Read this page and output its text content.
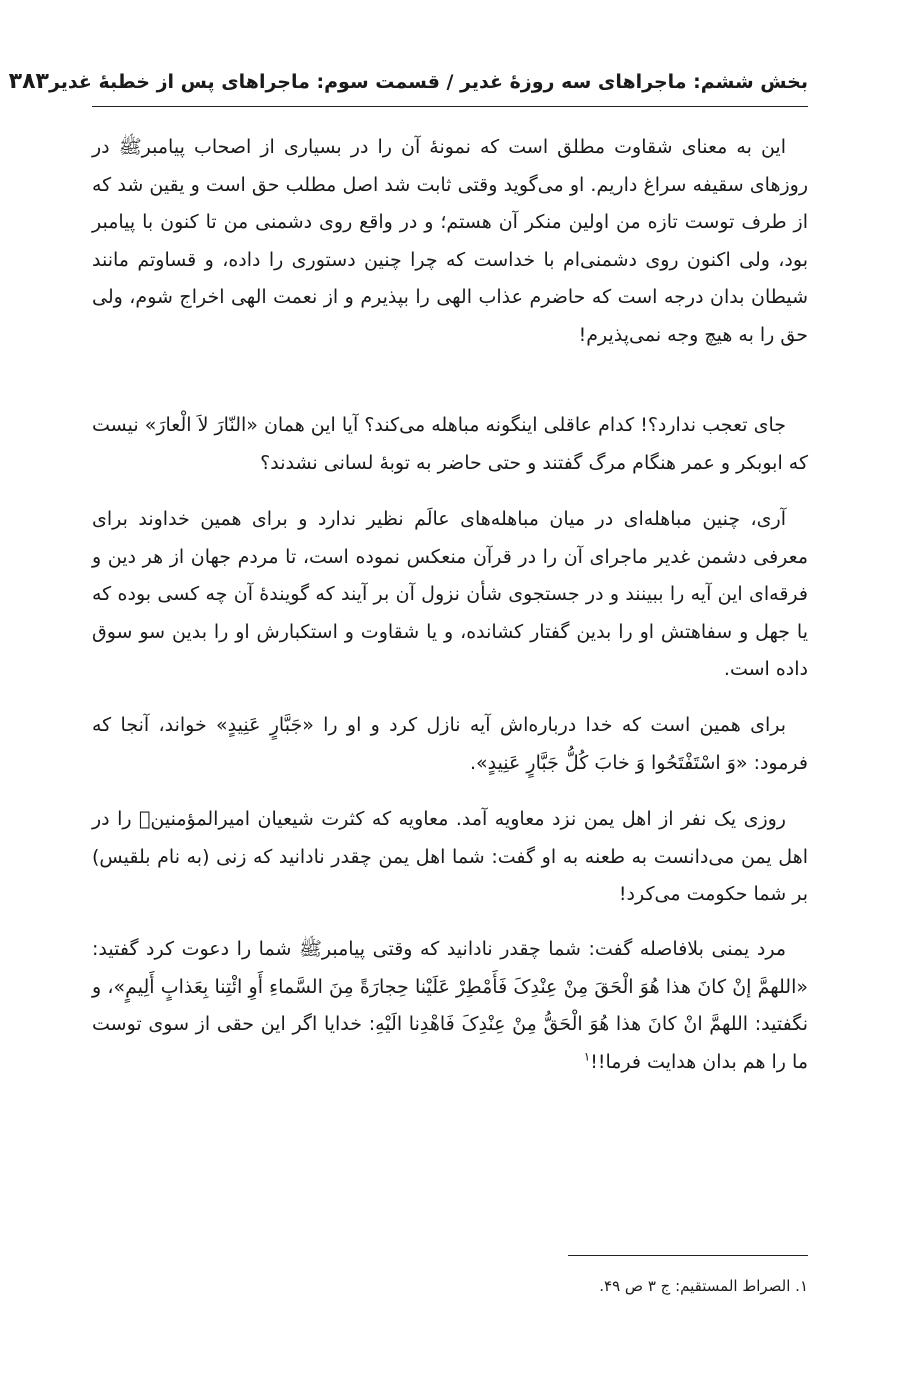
بخش ششم: ماجراهای سه روزۀ غدیر / قسمت سوم: ماجراهای پس از خطبۀ غدیر
۳۸۳

این به معنای شقاوت مطلق است که نمونۀ آن را در بسیاری از اصحاب پیامبرﷺ در روزهای سقیفه سراغ داریم. او می‌گوید وقتی ثابت شد اصل مطلب حق است و یقین شد که از طرف توست تازه من اولین منکر آن هستم؛ و در واقع روی دشمنی من تا کنون با پیامبر بود، ولی اکنون روی دشمنی‌ام با خداست که چرا چنین دستوری را داده، و قساوتم مانند شیطان بدان درجه است که حاضرم عذاب الهی را بپذیرم و از نعمت الهی اخراج شوم، ولی حق را به هیچ وجه نمی‌پذیرم!

جای تعجب ندارد؟! کدام عاقلی اینگونه مباهله می‌کند؟ آیا این همان «النّارَ لاَ الْعارَ» نیست که ابوبکر و عمر هنگام مرگ گفتند و حتی حاضر به توبۀ لسانی نشدند؟

آری، چنین مباهله‌ای در میان مباهله‌های عالَم نظیر ندارد و برای همین خداوند برای معرفی دشمن غدیر ماجرای آن را در قرآن منعکس نموده است، تا مردم جهان از هر دین و فرقه‌ای این آیه را ببینند و در جستجوی شأن نزول آن بر آیند که گویندۀ آن چه کسی بوده که یا جهل و سفاهتش او را بدین گفتار کشانده، و یا شقاوت و استکبارش او را بدین سو سوق داده است.

برای همین است که خدا درباره‌اش آیه نازل کرد و او را «جَبَّارٍ عَنِیدٍ» خواند، آنجا که فرمود: «وَ اسْتَفْتَحُوا وَ خابَ کُلُّ جَبَّارٍ عَنِیدٍ».

روزی یک نفر از اهل یمن نزد معاویه آمد. معاویه که کثرت شیعیان امیرالمؤمنینؑ را در اهل یمن می‌دانست به طعنه به او گفت: شما اهل یمن چقدر نادانید که زنی (به نام بلقیس) بر شما حکومت می‌کرد!

مرد یمنی بلافاصله گفت: شما چقدر نادانید که وقتی پیامبرﷺ شما را دعوت کرد گفتید: «اللهمَّ إنْ کانَ هذا هُوَ الْحَقَ مِنْ عِنْدِکَ فَأَمْطِرْ عَلَیْنا حِجارَةً مِنَ السَّماءِ أَوِ ائْتِنا بِعَذابٍ أَلِیمٍ»، و نگفتید: اللهمَّ انْ کانَ هذا هُوَ الْحَقُّ مِنْ عِنْدِکَ فَاهْدِنا الَیْهِ: خدایا اگر این حقی از سوی توست ما را هم بدان هدایت فرما!!$^۱$

۱. الصراط المستقیم: ج ۳ ص ۴۹.
